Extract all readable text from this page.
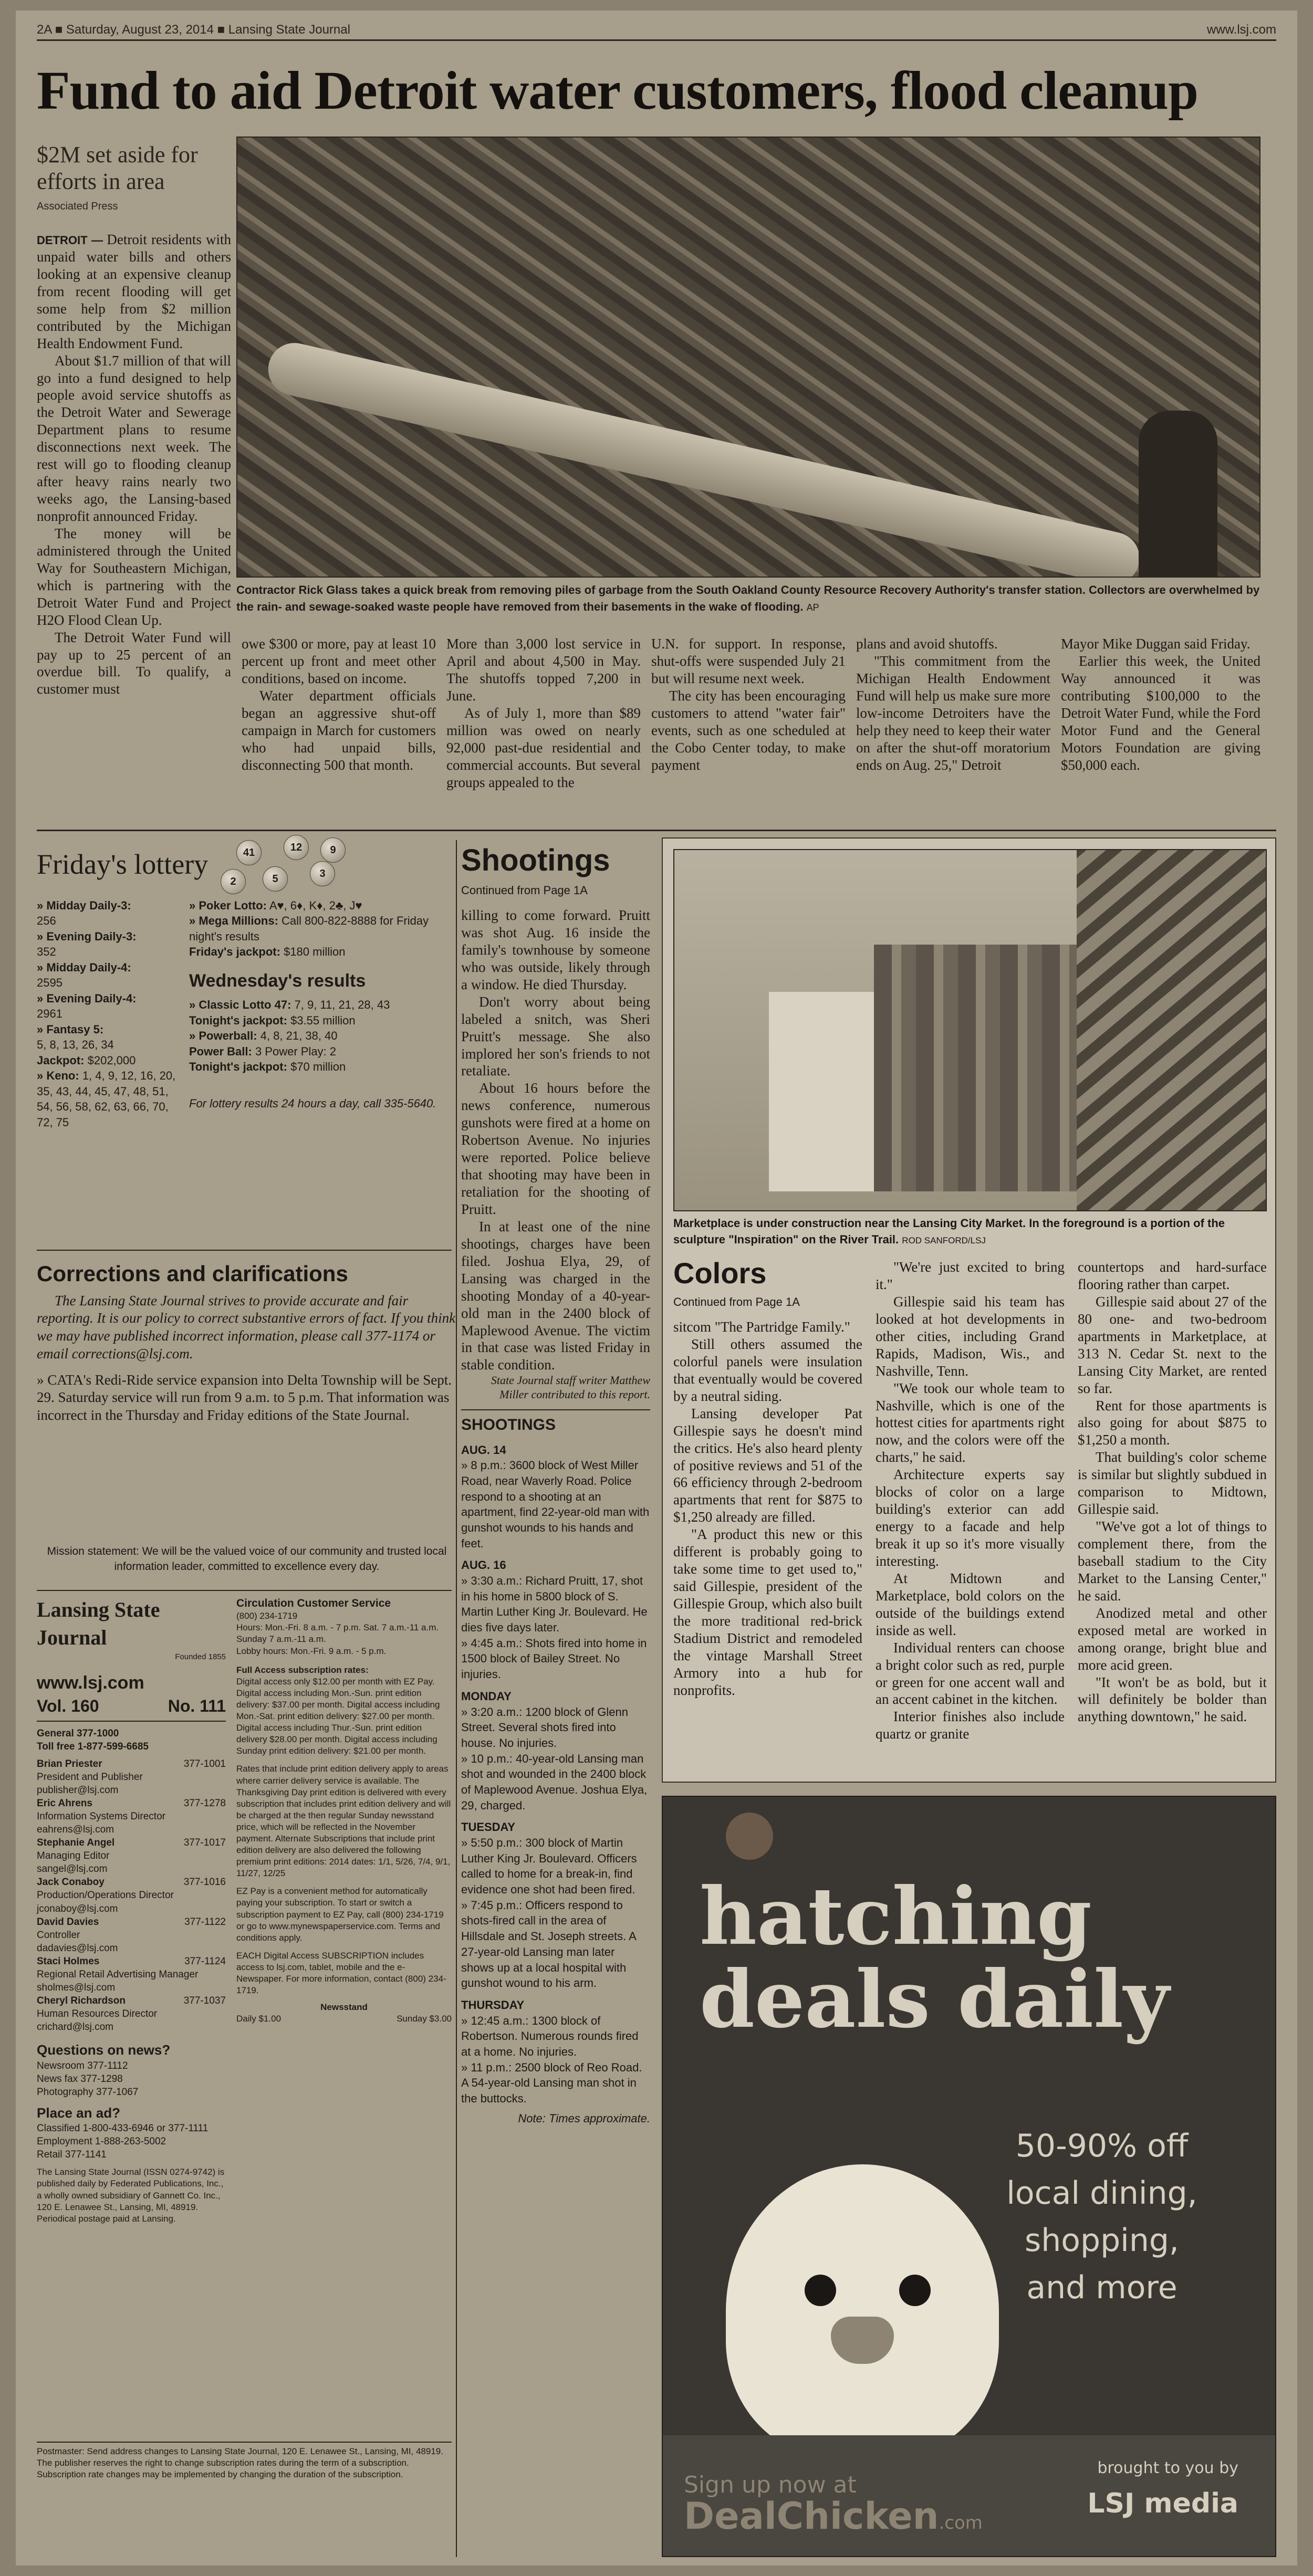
2A ■ Saturday, August 23, 2014 ■ Lansing State Journal	www.lsj.com
Fund to aid Detroit water customers, flood cleanup
$2M set aside for efforts in area
Associated Press
Contractor Rick Glass takes a quick break from removing piles of garbage from the South Oakland County Resource Recovery Authority's transfer station. Collectors are overwhelmed by the rain- and sewage-soaked waste people have removed from their basements in the wake of flooding. AP

DETROIT — Detroit residents with unpaid water bills and others looking at an expensive cleanup from recent flooding will get some help from $2 million contributed by the Michigan Health Endowment Fund.

About $1.7 million of that will go into a fund designed to help people avoid service shutoffs as the Detroit Water and Sewerage Department plans to resume disconnections next week. The rest will go to flooding cleanup after heavy rains nearly two weeks ago, the Lansing-based nonprofit announced Friday.

The money will be administered through the United Way for Southeastern Michigan, which is partnering with the Detroit Water Fund and Project H2O Flood Clean Up.

The Detroit Water Fund will pay up to 25 percent of an overdue bill. To qualify, a customer must

owe $300 or more, pay at least 10 percent up front and meet other conditions, based on income.

Water department officials began an aggressive shut-off campaign in March for customers who had unpaid bills, disconnecting 500 that month.

More than 3,000 lost service in April and about 4,500 in May. The shutoffs topped 7,200 in June.

As of July 1, more than $89 million was owed on nearly 92,000 past-due residential and commercial accounts. But several groups appealed to the

U.N. for support. In response, shut-offs were suspended July 21 but will resume next week.

The city has been encouraging customers to attend "water fair" events, such as one scheduled at the Cobo Center today, to make payment

plans and avoid shutoffs.

"This commitment from the Michigan Health Endowment Fund will help us make sure more low-income Detroiters have the help they need to keep their water on after the shut-off moratorium ends on Aug. 25," Detroit

Mayor Mike Duggan said Friday.

Earlier this week, the United Way announced it was contributing $100,000 to the Detroit Water Fund, while the Ford Motor Fund and the General Motors Foundation are giving $50,000 each.

Friday's lottery	41
2
12
5	3
9
» Midday Daily-3:
256
» Evening Daily-3:
352
» Midday Daily-4:
2595
» Evening Daily-4:
2961
» Fantasy 5:
5, 8, 13, 26, 34
Jackpot: $202,000
» Keno: 1, 4, 9, 12, 16, 20, 35, 43, 44, 45, 47, 48, 51, 54, 56, 58, 62, 63, 66, 70, 72, 75
» Poker Lotto: A♥, 6♦, K♦, 2♣, J♥
» Mega Millions: Call 800-822-8888 for Friday night's results
Friday's jackpot: $180 million
Wednesday's results
» Classic Lotto 47: 7, 9, 11, 21, 28, 43
Tonight's jackpot: $3.55 million
» Powerball: 4, 8, 21, 38, 40
Power Ball: 3 Power Play: 2
Tonight's jackpot: $70 million
For lottery results 24 hours a day, call 335-5640.
Corrections and clarifications

The Lansing State Journal strives to provide accurate and fair reporting. It is our policy to correct substantive errors of fact. If you think we may have published incorrect information, please call 377-1174 or email corrections@lsj.com.

» CATA's Redi-Ride service expansion into Delta Township will be Sept. 29. Saturday service will run from 9 a.m. to 5 p.m. That information was incorrect in the Thursday and Friday editions of the State Journal.

Mission statement: We will be the valued voice of our community and trusted local information leader, committed to excellence every day.
Lansing State Journal
Founded 1855
www.lsj.com
Vol. 160	No. 111
General 377-1000
Toll free 1-877-599-6685
Brian Priester	377-1001

President and Publisher
publisher@lsj.com
Eric Ahrens	377-1278

Information Systems Director
eahrens@lsj.com
Stephanie Angel	377-1017

Managing Editor
sangel@lsj.com
Jack Conaboy	377-1016

Production/Operations Director
jconaboy@lsj.com
David Davies	377-1122

Controller
dadavies@lsj.com
Staci Holmes	377-1124

Regional Retail Advertising Manager
sholmes@lsj.com
Cheryl Richardson	377-1037

Human Resources Director
crichard@lsj.com
Questions on news?
Newsroom 377-1112
News fax 377-1298
Photography 377-1067
Place an ad?
Classified 1-800-433-6946 or 377-1111
Employment 1-888-263-5002
Retail 377-1141
The Lansing State Journal (ISSN 0274-9742) is published daily by Federated Publications, Inc., a wholly owned subsidiary of Gannett Co. Inc., 120 E. Lenawee St., Lansing, MI, 48919. Periodical postage paid at Lansing.
Circulation Customer Service
(800) 234-1719
Hours: Mon.-Fri. 8 a.m. - 7 p.m. Sat. 7 a.m.-11 a.m. Sunday 7 a.m.-11 a.m.
Lobby hours: Mon.-Fri. 9 a.m. - 5 p.m.
Full Access subscription rates:
Digital access only $12.00 per month with EZ Pay. Digital access including Mon.-Sun. print edition delivery: $37.00 per month. Digital access including Mon.-Sat. print edition delivery: $27.00 per month. Digital access including Thur.-Sun. print edition delivery $28.00 per month. Digital access including Sunday print edition delivery: $21.00 per month.
Rates that include print edition delivery apply to areas where carrier delivery service is available. The Thanksgiving Day print edition is delivered with every subscription that includes print edition delivery and will be charged at the then regular Sunday newsstand price, which will be reflected in the November payment. Alternate Subscriptions that include print edition delivery are also delivered the following premium print editions: 2014 dates: 1/1, 5/26, 7/4, 9/1, 11/27, 12/25
EZ Pay is a convenient method for automatically paying your subscription. To start or switch a subscription payment to EZ Pay, call (800) 234-1719 or go to www.mynewspaperservice.com. Terms and conditions apply.
EACH Digital Access SUBSCRIPTION includes access to lsj.com, tablet, mobile and the e-Newspaper. For more information, contact (800) 234-1719.
Newsstand
Daily $1.00	Sunday $3.00
Postmaster: Send address changes to Lansing State Journal, 120 E. Lenawee St., Lansing, MI, 48919. The publisher reserves the right to change subscription rates during the term of a subscription. Subscription rate changes may be implemented by changing the duration of the subscription.
Shootings
Continued from Page 1A

killing to come forward. Pruitt was shot Aug. 16 inside the family's townhouse by someone who was outside, likely through a window. He died Thursday.

Don't worry about being labeled a snitch, was Sheri Pruitt's message. She also implored her son's friends to not retaliate.

About 16 hours before the news conference, numerous gunshots were fired at a home on Robertson Avenue. No injuries were reported. Police believe that shooting may have been in retaliation for the shooting of Pruitt.

In at least one of the nine shootings, charges have been filed. Joshua Elya, 29, of Lansing was charged in the shooting Monday of a 40-year-old man in the 2400 block of Maplewood Avenue. The victim in that case was listed Friday in stable condition.

State Journal staff writer Matthew Miller contributed to this report.

SHOOTINGS
AUG. 14
» 8 p.m.: 3600 block of West Miller Road, near Waverly Road. Police respond to a shooting at an apartment, find 22-year-old man with gunshot wounds to his hands and feet.
AUG. 16
» 3:30 a.m.: Richard Pruitt, 17, shot in his home in 5800 block of S. Martin Luther King Jr. Boulevard. He dies five days later.
» 4:45 a.m.: Shots fired into home in 1500 block of Bailey Street. No injuries.
MONDAY
» 3:20 a.m.: 1200 block of Glenn Street. Several shots fired into house. No injuries.
» 10 p.m.: 40-year-old Lansing man shot and wounded in the 2400 block of Maplewood Avenue. Joshua Elya, 29, charged.
TUESDAY
» 5:50 p.m.: 300 block of Martin Luther King Jr. Boulevard. Officers called to home for a break-in, find evidence one shot had been fired.
» 7:45 p.m.: Officers respond to shots-fired call in the area of Hillsdale and St. Joseph streets. A 27-year-old Lansing man later shows up at a local hospital with gunshot wound to his arm.
THURSDAY
» 12:45 a.m.: 1300 block of Robertson. Numerous rounds fired at a home. No injuries.
» 11 p.m.: 2500 block of Reo Road. A 54-year-old Lansing man shot in the buttocks.
Note: Times approximate.
Marketplace is under construction near the Lansing City Market. In the foreground is a portion of the sculpture "Inspiration" on the River Trail. ROD SANFORD/LSJ
Colors
Continued from Page 1A

sitcom "The Partridge Family."

Still others assumed the colorful panels were insulation that eventually would be covered by a neutral siding.

Lansing developer Pat Gillespie says he doesn't mind the critics. He's also heard plenty of positive reviews and 51 of the 66 efficiency through 2-bedroom apartments that rent for $875 to $1,250 already are filled.

"A product this new or this different is probably going to take some time to get used to," said Gillespie, president of the Gillespie Group, which also built the more traditional red-brick Stadium District and remodeled the vintage Marshall Street Armory into a hub for nonprofits.

"We're just excited to bring it."

Gillespie said his team has looked at hot developments in other cities, including Grand Rapids, Madison, Wis., and Nashville, Tenn.

"We took our whole team to Nashville, which is one of the hottest cities for apartments right now, and the colors were off the charts," he said.

Architecture experts say blocks of color on a large building's exterior can add energy to a facade and help break it up so it's more visually interesting.

At Midtown and Marketplace, bold colors on the outside of the buildings extend inside as well.

Individual renters can choose a bright color such as red, purple or green for one accent wall and an accent cabinet in the kitchen.

Interior finishes also include quartz or granite

countertops and hard-surface flooring rather than carpet.

Gillespie said about 27 of the 80 one- and two-bedroom apartments in Marketplace, at 313 N. Cedar St. next to the Lansing City Market, are rented so far.

Rent for those apartments is also going for about $875 to $1,250 a month.

That building's color scheme is similar but slightly subdued in comparison to Midtown, Gillespie said.

"We've got a lot of things to complement there, from the baseball stadium to the City Market to the Lansing Center," he said.

Anodized metal and other exposed metal are worked in among orange, bright blue and more acid green.

"It won't be as bold, but it will definitely be bolder than anything downtown," he said.

hatching
deals daily
50-90% off
local dining,
shopping,
and more
Sign up now at
DealChicken.com
brought to you by
LSJ media
